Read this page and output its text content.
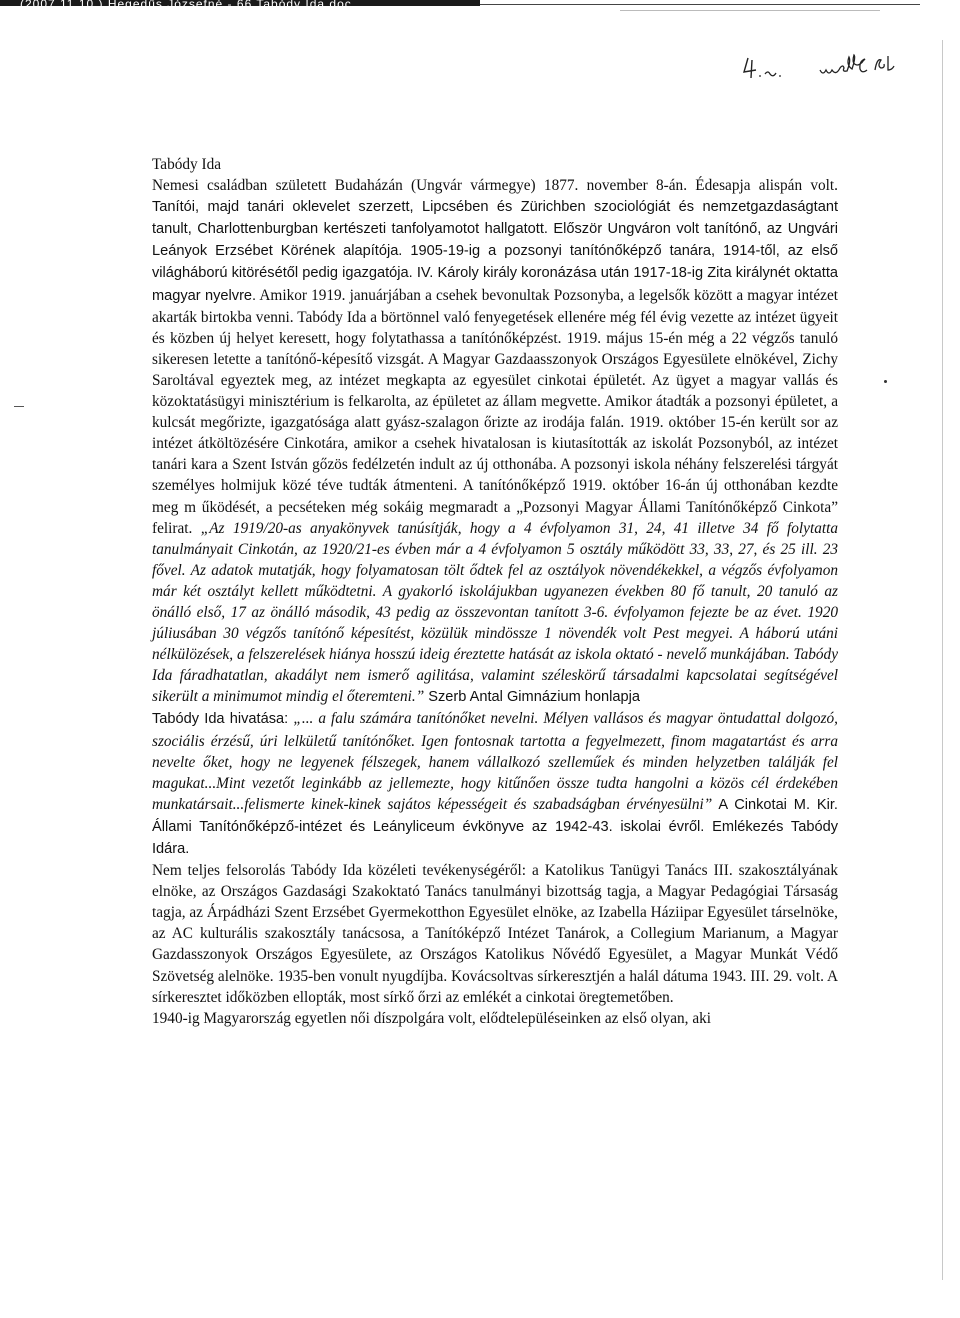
(2007.11.10.) Hegedűs Józsefné - 66 Tabódy Ida.doc

Tabódy Ida

Nemesi családban született Budaházán (Ungvár vármegye) 1877. november 8-án. Édesapja alispán volt. Tanítói, majd tanári oklevelet szerzett, Lipcsében és Zürichben szociológiát és nemzetgazdaságtant tanult, Charlottenburgban kertészeti tanfolyamotot hallgatott. Először Ungváron volt tanítónő, az Ungvári Leányok Erzsébet Körének alapítója. 1905-19-ig a pozsonyi tanítónőképző tanára, 1914-től, az első világháború kitörésétől pedig igazgatója. IV. Károly király koronázása után 1917-18-ig Zita királynét oktatta magyar nyelvre. Amikor 1919. januárjában a csehek bevonultak Pozsonyba, a legelsők között a magyar intézet akarták birtokba venni. Tabódy Ida a börtönnel való fenyegetések ellenére még fél évig vezette az intézet ügyeit és közben új helyet keresett, hogy folytathassa a tanítónőképzést. 1919. május 15-én még a 22 végzős tanuló sikeresen letette a tanítónő-képesítő vizsgát. A Magyar Gazdaasszonyok Országos Egyesülete elnökével, Zichy Saroltával egyeztek meg, az intézet megkapta az egyesület cinkotai épületét. Az ügyet a magyar vallás és közoktatásügyi minisztérium is felkarolta, az épületet az állam megvette. Amikor átadták a pozsonyi épületet, a kulcsát megőrizte, igazgatósága alatt gyász-szalagon őrizte az irodája falán. 1919. október 15-én került sor az intézet átköltözésére Cinkotára, amikor a csehek hivatalosan is kiutasították az iskolát Pozsonyból, az intézet tanári kara a Szent István gőzös fedélzetén indult az új otthonába. A pozsonyi iskola néhány felszerelési tárgyát személyes holmijuk közé téve tudták átmenteni. A tanítónőképző 1919. október 16-án új otthonában kezdte meg m űködését, a pecséteken még sokáig megmaradt a „Pozsonyi Magyar Állami Tanítónőképző Cinkota” felirat. „Az 1919/20-as anyakönyvek tanúsítják, hogy a 4 évfolyamon 31, 24, 41 illetve 34 fő folytatta tanulmányait Cinkotán, az 1920/21-es évben már a 4 évfolyamon 5 osztály működött 33, 33, 27, és 25 ill. 23 fővel. Az adatok mutatják, hogy folyamatosan tölt ődtek fel az osztályok növendékekkel, a végzős évfolyamon már két osztályt kellett működtetni. A gyakorló iskolájukban ugyanezen években 80 fő tanult, 20 tanuló az önálló első, 17 az önálló második, 43 pedig az összevontan tanított 3-6. évfolyamon fejezte be az évet. 1920 júliusában 30 végzős tanítónő képesítést, közülük mindössze 1 növendék volt Pest megyei. A háború utáni nélkülözések, a felszerelések hiánya hosszú ideig éreztette hatását az iskola oktató - nevelő munkájában. Tabódy Ida fáradhatatlan, akadályt nem ismerő agilitása, valamint széleskörű társadalmi kapcsolatai segítségével sikerült a minimumot mindig el őteremteni.” Szerb Antal Gimnázium honlapja

Tabódy Ida hivatása: „... a falu számára tanítónőket nevelni. Mélyen vallásos és magyar öntudattal dolgozó, szociális érzésű, úri lelkületű tanítónőket. Igen fontosnak tartotta a fegyelmezett, finom magatartást és arra nevelte őket, hogy ne legyenek félszegek, hanem vállalkozó szelleműek és minden helyzetben találják fel magukat...Mint vezetőt leginkább az jellemezte, hogy kitűnően össze tudta hangolni a közös cél érdekében munkatársait...felismerte kinek-kinek sajátos képességeit és szabadságban érvényesülni” A Cinkotai M. Kir. Állami Tanítónőképző-intézet és Leányliceum évkönyve az 1942-43. iskolai évről. Emlékezés Tabódy Idára.

Nem teljes felsorolás Tabódy Ida közéleti tevékenységéről: a Katolikus Tanügyi Tanács III. szakosztályának elnöke, az Országos Gazdasági Szakoktató Tanács tanulmányi bizottság tagja, a Magyar Pedagógiai Társaság tagja, az Árpádházi Szent Erzsébet Gyermekotthon Egyesület elnöke, az Izabella Háziipar Egyesület társelnöke, az AC kulturális szakosztály tanácsosa, a Tanítóképző Intézet Tanárok, a Collegium Marianum, a Magyar Gazdasszonyok Országos Egyesülete, az Országos Katolikus Nővédő Egyesület, a Magyar Munkát Védő Szövetség alelnöke. 1935-ben vonult nyugdíjba. Kovácsoltvas sírkeresztjén a halál dátuma 1943. III. 29. volt. A sírkeresztet időközben ellopták, most sírkő őrzi az emlékét a cinkotai öregtemetőben.

1940-ig Magyarország egyetlen női díszpolgára volt, elődtelepüléseinken az első olyan, aki
